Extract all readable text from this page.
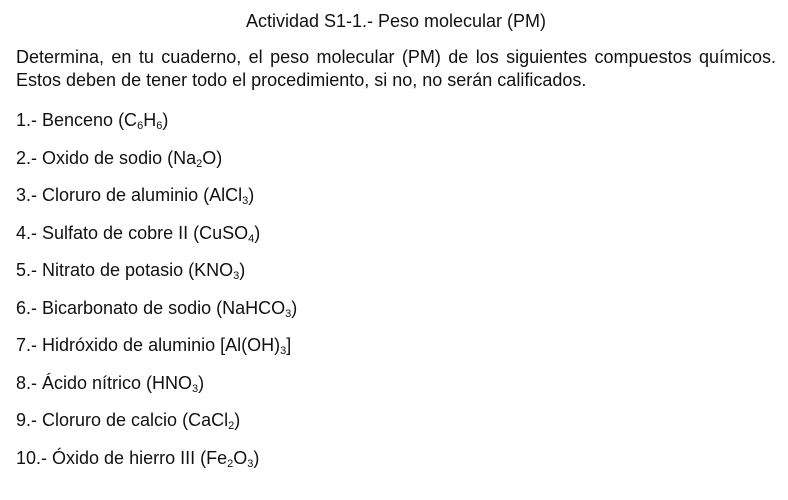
Actividad S1-1.- Peso molecular (PM)

Determina, en tu cuaderno, el peso molecular (PM) de los siguientes compuestos químicos. Estos deben de tener todo el procedimiento, si no, no serán calificados.

1.- Benceno $(C_6H_6)$
2.- Oxido de sodio $(Na_2O)$
3.- Cloruro de aluminio (AlCl$_3$)
4.- Sulfato de cobre II (CuSO$_4$)
5.- Nitrato de potasio $(KNO_3)$
6.- Bicarbonato de sodio (NaHCO$_3$)
7.- Hidróxido de aluminio $[Al(OH)_3]$
8.- Ácido nítrico $(HNO_3)$
9.- Cloruro de calcio (CaCl$_2$)
10.- Óxido de hierro III $(Fe_2O_3)$
